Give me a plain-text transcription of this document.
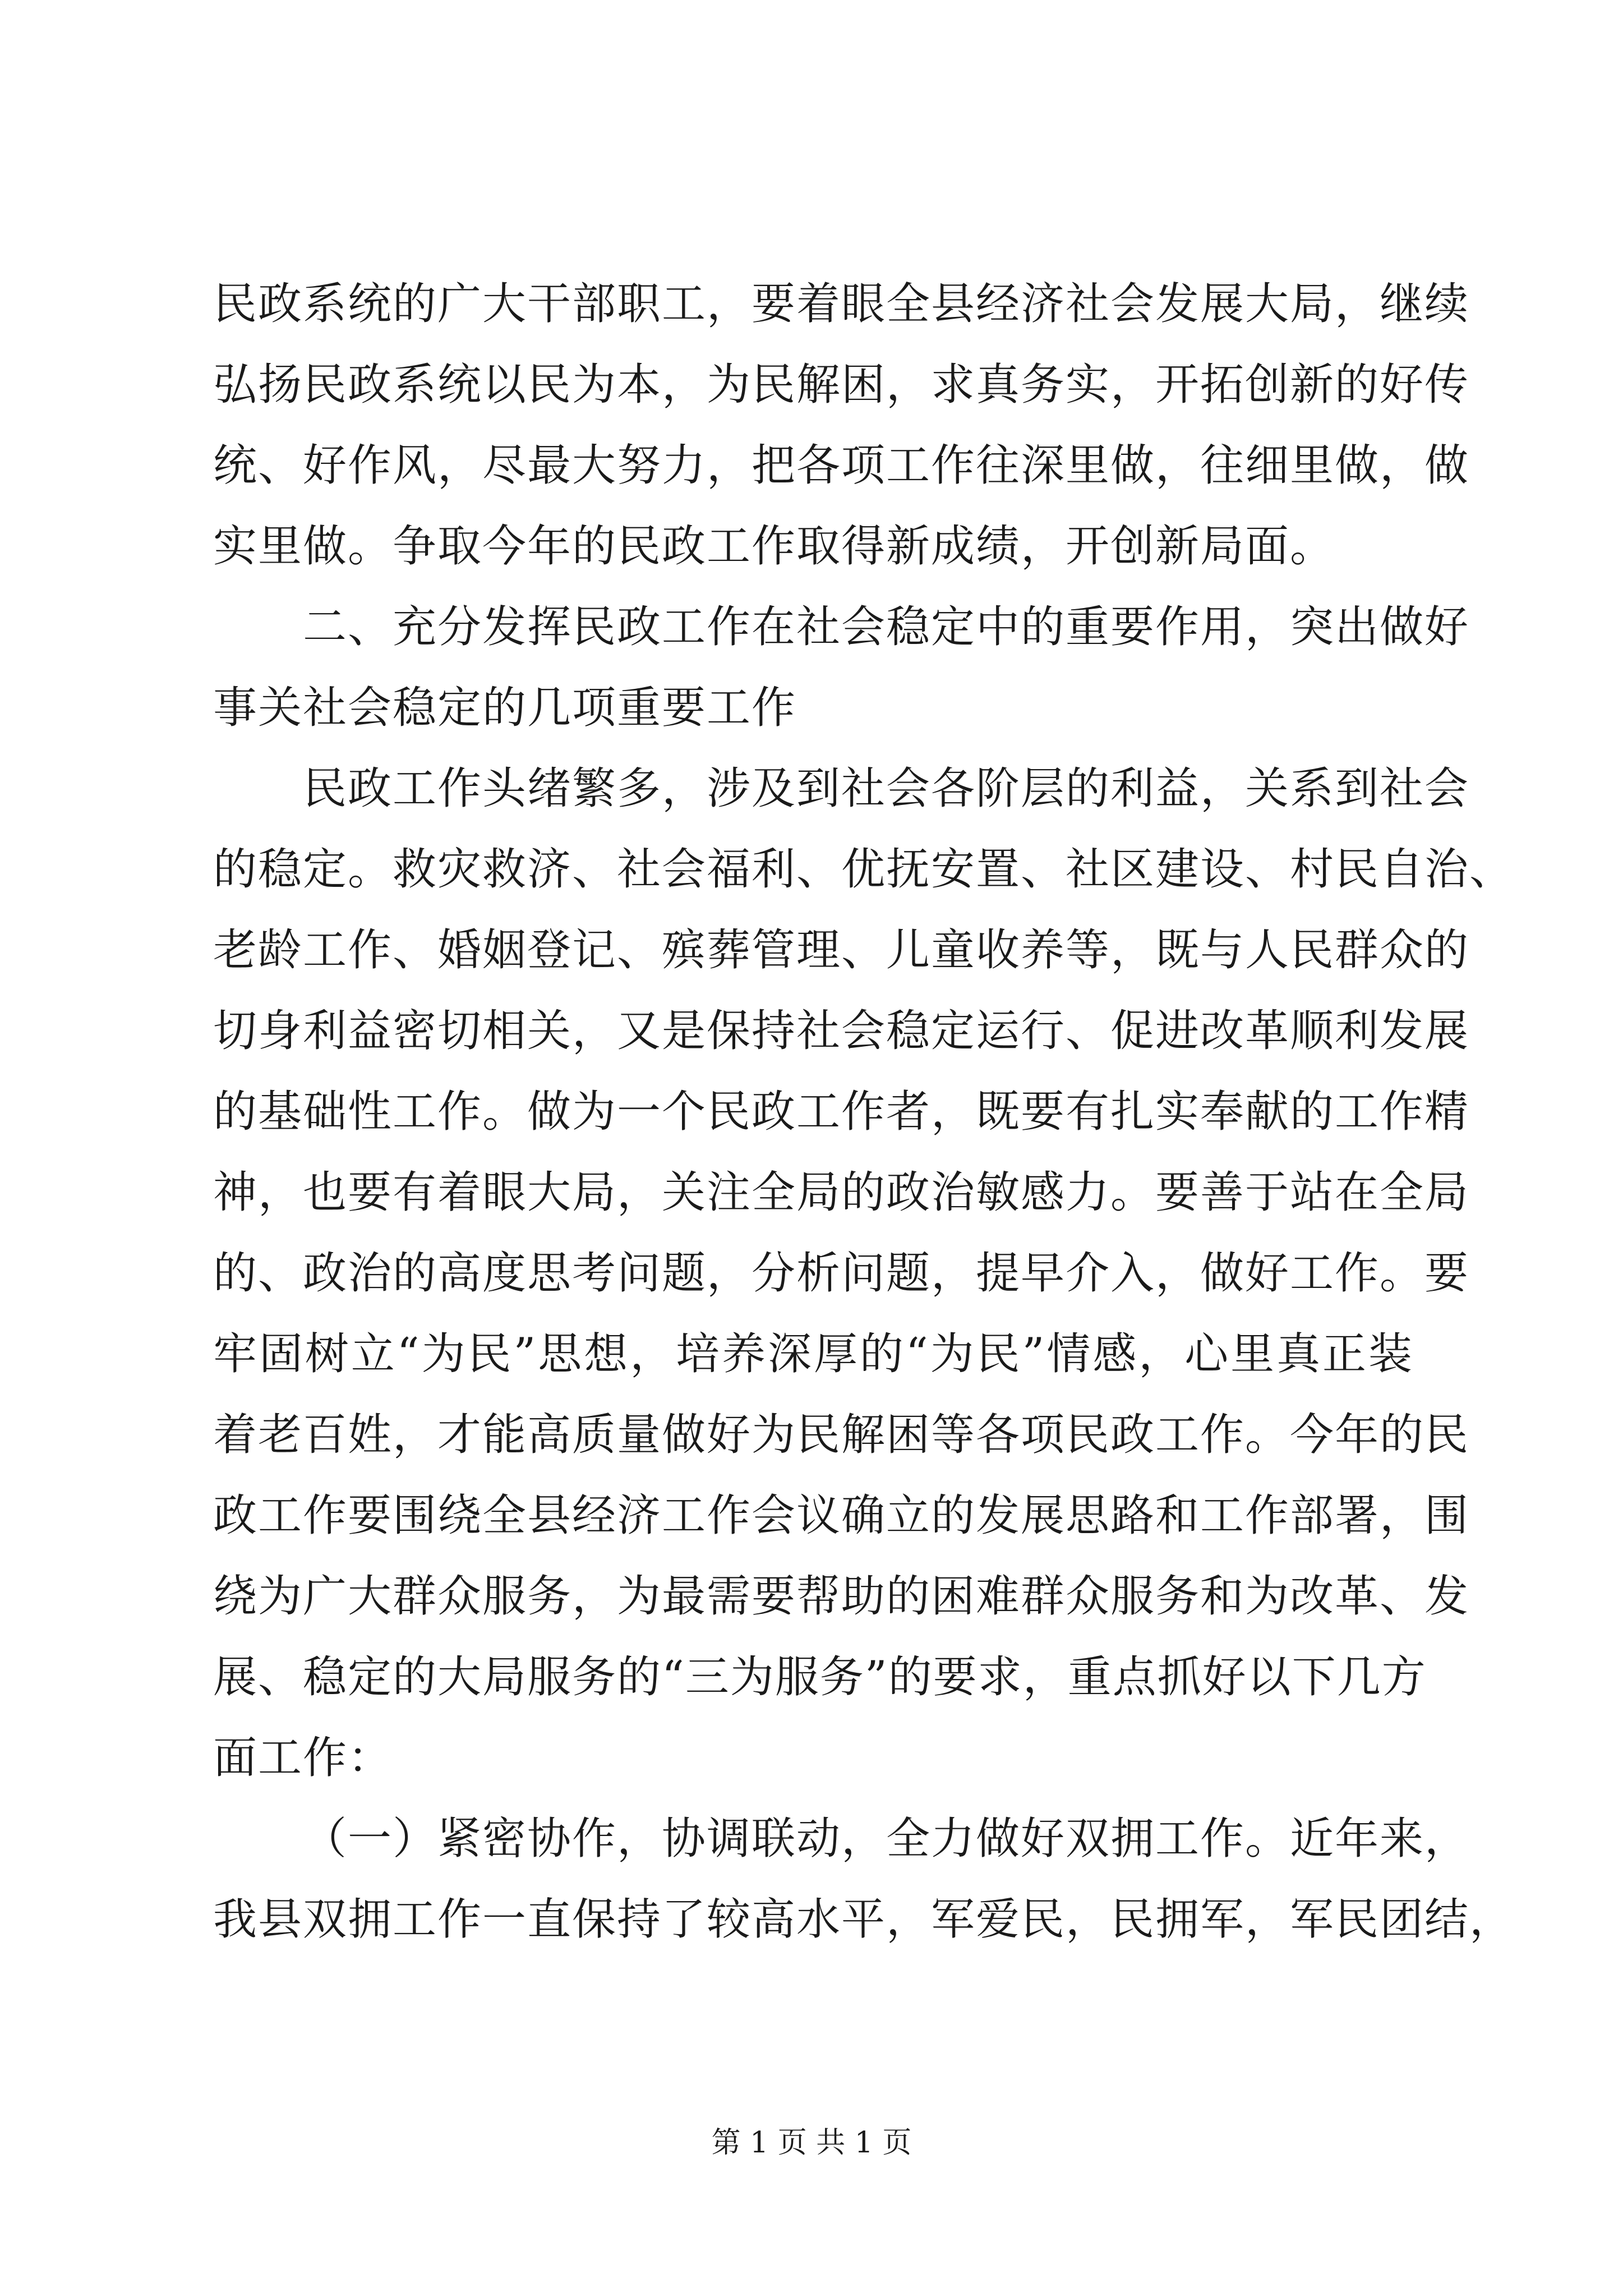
民政系统的广大干部职工，要着眼全县经济社会发展大局，继续
弘扬民政系统以民为本，为民解困，求真务实，开拓创新的好传
统、好作风，尽最大努力，把各项工作往深里做，往细里做，做
实里做。争取今年的民政工作取得新成绩，开创新局面。
二、充分发挥民政工作在社会稳定中的重要作用，突出做好
事关社会稳定的几项重要工作
民政工作头绪繁多，涉及到社会各阶层的利益，关系到社会
的稳定。救灾救济、社会福利、优抚安置、社区建设、村民自治、
老龄工作、婚姻登记、殡葬管理、儿童收养等，既与人民群众的
切身利益密切相关，又是保持社会稳定运行、促进改革顺利发展
的基础性工作。做为一个民政工作者，既要有扎实奉献的工作精
神，也要有着眼大局，关注全局的政治敏感力。要善于站在全局
的、政治的高度思考问题，分析问题，提早介入，做好工作。要
牢固树立“为民”思想，培养深厚的“为民”情感，心里真正装
着老百姓，才能高质量做好为民解困等各项民政工作。今年的民
政工作要围绕全县经济工作会议确立的发展思路和工作部署，围
绕为广大群众服务，为最需要帮助的困难群众服务和为改革、发
展、稳定的大局服务的“三为服务”的要求，重点抓好以下几方
面工作：
（一）紧密协作，协调联动，全力做好双拥工作。近年来，
我县双拥工作一直保持了较高水平，军爱民，民拥军，军民团结，
第 1 页 共 1 页
